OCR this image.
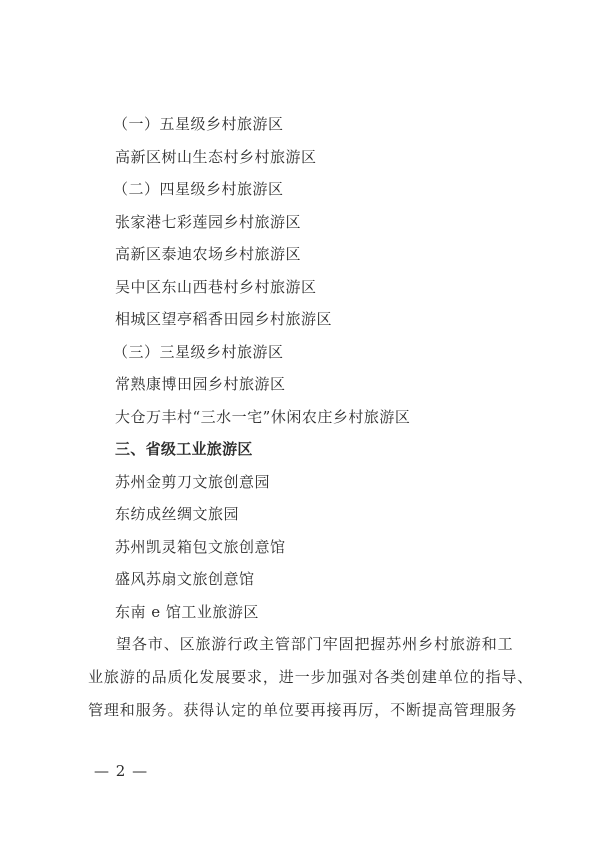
（一）五星级乡村旅游区
高新区树山生态村乡村旅游区
（二）四星级乡村旅游区
张家港七彩莲园乡村旅游区
高新区泰迪农场乡村旅游区
吴中区东山西巷村乡村旅游区
相城区望亭稻香田园乡村旅游区
（三）三星级乡村旅游区
常熟康博田园乡村旅游区
大仓万丰村“三水一宅”休闲农庄乡村旅游区
三、省级工业旅游区
苏州金剪刀文旅创意园
东纺成丝绸文旅园
苏州凯灵箱包文旅创意馆
盛风苏扇文旅创意馆
东南 e 馆工业旅游区
望各市、区旅游行政主管部门牢固把握苏州乡村旅游和工
业旅游的品质化发展要求，进一步加强对各类创建单位的指导、
管理和服务。获得认定的单位要再接再厉，不断提高管理服务
— 2 —
